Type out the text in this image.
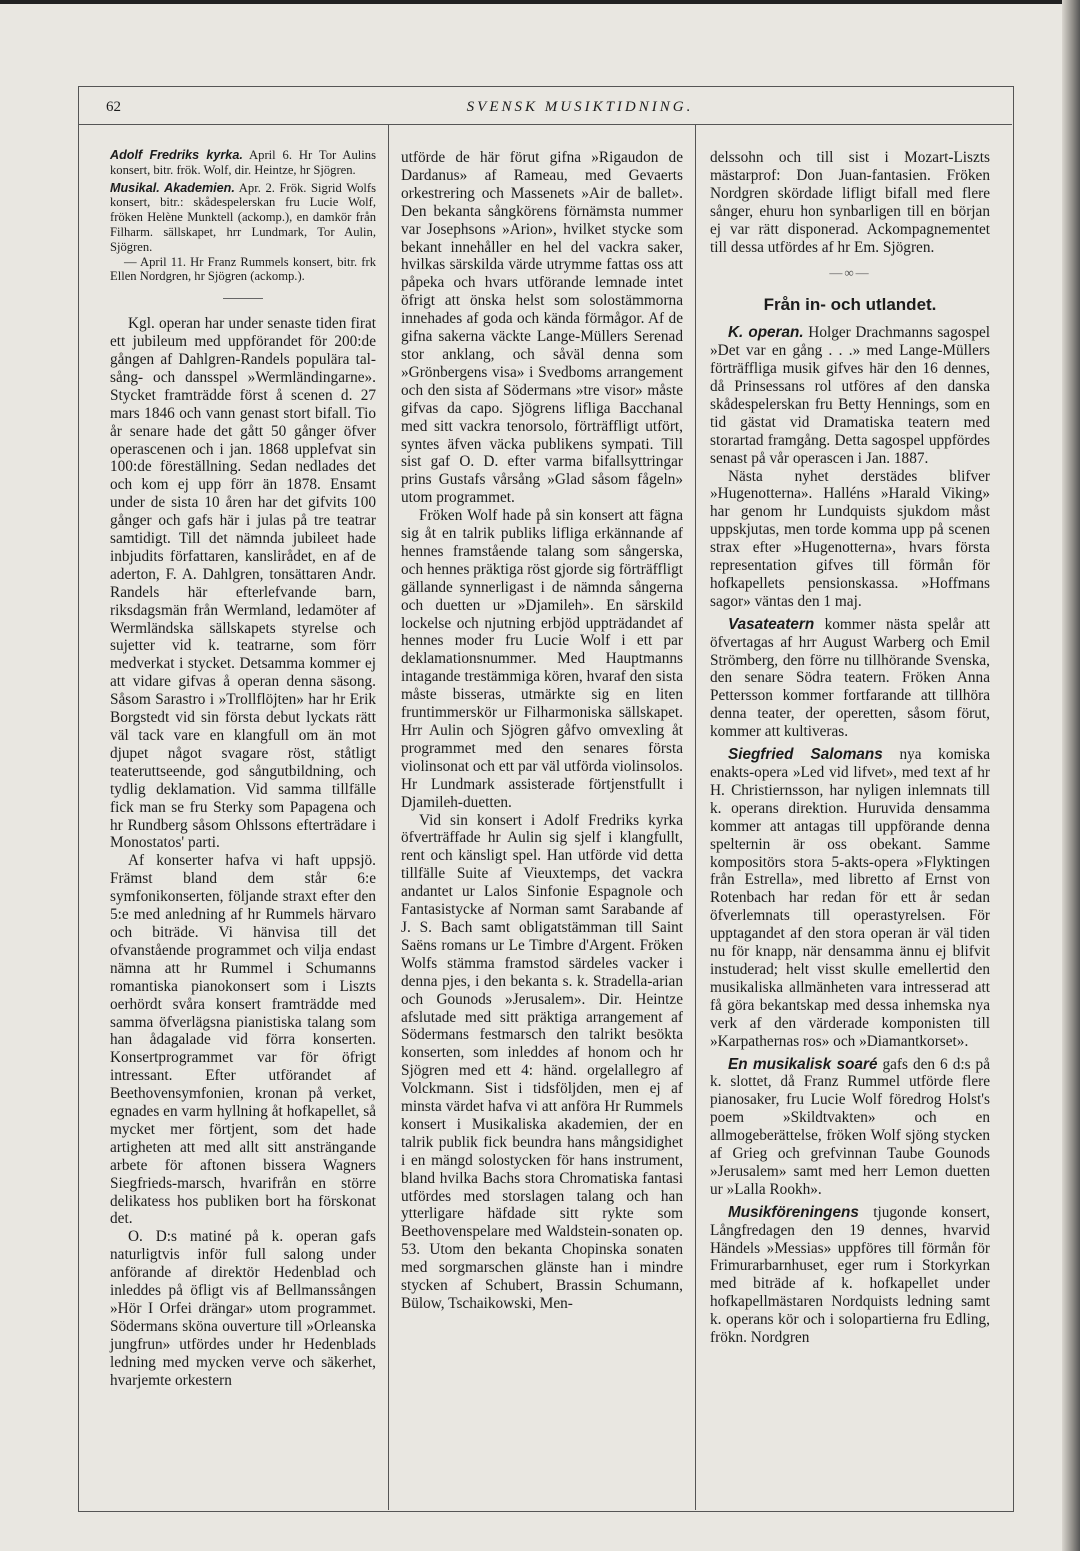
62	SVENSK MUSIKTIDNING.

Adolf Fredriks kyrka. April 6. Hr Tor Aulins konsert, bitr. frök. Wolf, dir. Heintze, hr Sjögren.

Musikal. Akademien. Apr. 2. Frök. Sigrid Wolfs konsert, bitr.: skådespelerskan fru Lucie Wolf, fröken Helène Munktell (ackomp.), en damkör från Filharm. sällskapet, hrr Lundmark, Tor Aulin, Sjögren.

— April 11. Hr Franz Rummels konsert, bitr. frk Ellen Nordgren, hr Sjögren (ackomp.).

Kgl. operan har under senaste tiden firat ett jubileum med uppförandet för 200:de gången af Dahlgren-Randels populära tal- sång- och dansspel »Wermländingarne». Stycket framträdde först å scenen d. 27 mars 1846 och vann genast stort bifall. Tio år senare hade det gått 50 gånger öfver operascenen och i jan. 1868 upplefvat sin 100:de föreställning. Sedan nedlades det och kom ej upp förr än 1878. Ensamt under de sista 10 åren har det gifvits 100 gånger och gafs här i julas på tre teatrar samtidigt. Till det nämnda jubileet hade inbjudits författaren, kanslirådet, en af de aderton, F. A. Dahlgren, tonsättaren Andr. Randels här efterlefvande barn, riksdagsmän från Wermland, ledamöter af Wermländska sällskapets styrelse och sujetter vid k. teatrarne, som förr medverkat i stycket. Detsamma kommer ej att vidare gifvas å operan denna säsong. Såsom Sarastro i »Trollflöjten» har hr Erik Borgstedt vid sin första debut lyckats rätt väl tack vare en klangfull om än mot djupet något svagare röst, ståtligt teateruttseende, god sångutbildning, och tydlig deklamation. Vid samma tillfälle fick man se fru Sterky som Papagena och hr Rundberg såsom Ohlssons efterträdare i Monostatos' parti.

Af konserter hafva vi haft uppsjö. Främst bland dem står 6:e symfonikonserten, följande straxt efter den 5:e med anledning af hr Rummels härvaro och biträde. Vi hänvisa till det ofvanstående programmet och vilja endast nämna att hr Rummel i Schumanns romantiska pianokonsert som i Liszts oerhördt svåra konsert framträdde med samma öfverlägsna pianistiska talang som han ådagalade vid förra konserten. Konsertprogrammet var för öfrigt intressant. Efter utförandet af Beethovensymfonien, kronan på verket, egnades en varm hyllning åt hofkapellet, så mycket mer förtjent, som det hade artigheten att med allt sitt ansträngande arbete för aftonen bissera Wagners Siegfrieds-marsch, hvarifrån en större delikatess hos publiken bort ha förskonat det.

O. D:s matiné på k. operan gafs naturligtvis inför full salong under anförande af direktör Hedenblad och inleddes på öfligt vis af Bellmanssången »Hör I Orfei drängar» utom programmet. Södermans sköna ouverture till »Orleanska jungfrun» utfördes under hr Hedenblads ledning med mycken verve och säkerhet, hvarjemte orkestern

utförde de här förut gifna »Rigaudon de Dardanus» af Rameau, med Gevaerts orkestrering och Massenets »Air de ballet». Den bekanta sångkörens förnämsta nummer var Josephsons »Arion», hvilket stycke som bekant innehåller en hel del vackra saker, hvilkas särskilda värde utrymme fattas oss att påpeka och hvars utförande lemnade intet öfrigt att önska helst som solostämmorna innehades af goda och kända förmågor. Af de gifna sakerna väckte Lange-Müllers Serenad stor anklang, och såväl denna som »Grönbergens visa» i Svedboms arrangement och den sista af Södermans »tre visor» måste gifvas da capo. Sjögrens lifliga Bacchanal med sitt vackra tenorsolo, förträffligt utfört, syntes äfven väcka publikens sympati. Till sist gaf O. D. efter varma bifallsyttringar prins Gustafs vårsång »Glad såsom fågeln» utom programmet.

Fröken Wolf hade på sin konsert att fägna sig åt en talrik publiks lifliga erkännande af hennes framstående talang som sångerska, och hennes präktiga röst gjorde sig förträffligt gällande synnerligast i de nämnda sångerna och duetten ur »Djamileh». En särskild lockelse och njutning erbjöd uppträdandet af hennes moder fru Lucie Wolf i ett par deklamationsnummer. Med Hauptmanns intagande trestämmiga kören, hvaraf den sista måste bisseras, utmärkte sig en liten fruntimmerskör ur Filharmoniska sällskapet. Hrr Aulin och Sjögren gåfvo omvexling åt programmet med den senares första violinsonat och ett par väl utförda violinsolos. Hr Lundmark assisterade förtjenstfullt i Djamileh-duetten.

Vid sin konsert i Adolf Fredriks kyrka öfverträffade hr Aulin sig sjelf i klangfullt, rent och känsligt spel. Han utförde vid detta tillfälle Suite af Vieuxtemps, det vackra andantet ur Lalos Sinfonie Espagnole och Fantasistycke af Norman samt Sarabande af J. S. Bach samt obligatstämman till Saint Saëns romans ur Le Timbre d'Argent. Fröken Wolfs stämma framstod särdeles vacker i denna pjes, i den bekanta s. k. Stradella-arian och Gounods »Jerusalem». Dir. Heintze afslutade med sitt präktiga arrangement af Södermans festmarsch den talrikt besökta konserten, som inleddes af honom och hr Sjögren med ett 4: händ. orgelallegro af Volckmann. Sist i tidsföljden, men ej af minsta värdet hafva vi att anföra Hr Rummels konsert i Musikaliska akademien, der en talrik publik fick beundra hans mångsidighet i en mängd solostycken för hans instrument, bland hvilka Bachs stora Chromatiska fantasi utfördes med storslagen talang och han ytterligare häfdade sitt rykte som Beethovenspelare med Waldstein-sonaten op. 53. Utom den bekanta Chopinska sonaten med sorgmarschen glänste han i mindre stycken af Schubert, Brassin Schumann, Bülow, Tschaikowski, Men-

delssohn och till sist i Mozart-Liszts mästarprof: Don Juan-fantasien. Fröken Nordgren skördade lifligt bifall med flere sånger, ehuru hon synbarligen till en början ej var rätt disponerad. Ackompagnementet till dessa utfördes af hr Em. Sjögren.

—∞—
Från in- och utlandet.

K. operan. Holger Drachmanns sagospel »Det var en gång . . .» med Lange-Müllers förträffliga musik gifves här den 16 dennes, då Prinsessans rol utföres af den danska skådespelerskan fru Betty Hennings, som en tid gästat vid Dramatiska teatern med storartad framgång. Detta sagospel uppfördes senast på vår operascen i Jan. 1887.

Nästa nyhet derstädes blifver »Hugenotterna». Halléns »Harald Viking» har genom hr Lundquists sjukdom måst uppskjutas, men torde komma upp på scenen strax efter »Hugenotterna», hvars första representation gifves till förmån för hofkapellets pensionskassa. »Hoffmans sagor» väntas den 1 maj.

Vasateatern kommer nästa spelår att öfvertagas af hrr August Warberg och Emil Strömberg, den förre nu tillhörande Svenska, den senare Södra teatern. Fröken Anna Pettersson kommer fortfarande att tillhöra denna teater, der operetten, såsom förut, kommer att kultiveras.

Siegfried Salomans nya komiska enakts-opera »Led vid lifvet», med text af hr H. Christiernsson, har nyligen inlemnats till k. operans direktion. Huruvida densamma kommer att antagas till uppförande denna spelternin är oss obekant. Samme kompositörs stora 5-akts-opera »Flyktingen från Estrella», med libretto af Ernst von Rotenbach har redan för ett år sedan öfverlemnats till operastyrelsen. För upptagandet af den stora operan är väl tiden nu för knapp, när densamma ännu ej blifvit instuderad; helt visst skulle emellertid den musikaliska allmänheten vara intresserad att få göra bekantskap med dessa inhemska nya verk af den värderade komponisten till »Karpathernas ros» och »Diamantkorset».

En musikalisk soaré gafs den 6 d:s på k. slottet, då Franz Rummel utförde flere pianosaker, fru Lucie Wolf föredrog Holst's poem »Skildtvakten» och en allmogeberättelse, fröken Wolf sjöng stycken af Grieg och grefvinnan Taube Gounods »Jerusalem» samt med herr Lemon duetten ur »Lalla Rookh».

Musikföreningens tjugonde konsert, Långfredagen den 19 dennes, hvarvid Händels »Messias» uppföres till förmån för Frimurarbarnhuset, eger rum i Storkyrkan med biträde af k. hofkapellet under hofkapellmästaren Nordquists ledning samt k. operans kör och i solopartierna fru Edling, frökn. Nordgren
